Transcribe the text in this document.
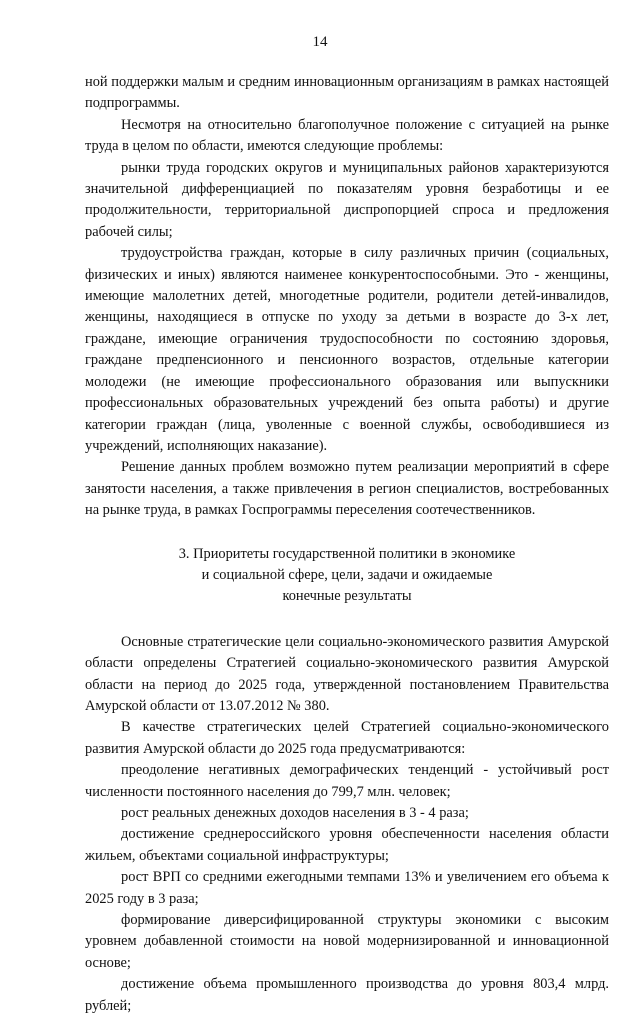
14

ной поддержки малым и средним инновационным организациям в рамках настоящей подпрограммы.

Несмотря на относительно благополучное положение с ситуацией на рынке труда в целом по области, имеются следующие проблемы:

рынки труда городских округов и муниципальных районов характеризуются значительной дифференциацией по показателям уровня безработицы и ее продолжительности, территориальной диспропорцией спроса и предложения рабочей силы;

трудоустройства граждан, которые в силу различных причин (социальных, физических и иных) являются наименее конкурентоспособными. Это - женщины, имеющие малолетних детей, многодетные родители, родители детей-инвалидов, женщины, находящиеся в отпуске по уходу за детьми в возрасте до 3-х лет, граждане, имеющие ограничения трудоспособности по состоянию здоровья, граждане предпенсионного и пенсионного возрастов, отдельные категории молодежи (не имеющие профессионального образования или выпускники профессиональных образовательных учреждений без опыта работы) и другие категории граждан (лица, уволенные с военной службы, освободившиеся из учреждений, исполняющих наказание).

Решение данных проблем возможно путем реализации мероприятий в сфере занятости населения, а также привлечения в регион специалистов, востребованных на рынке труда, в рамках Госпрограммы переселения соотечественников.

3. Приоритеты государственной политики в экономике
и социальной сфере, цели, задачи и ожидаемые
конечные результаты

Основные стратегические цели социально-экономического развития Амурской области определены Стратегией социально-экономического развития Амурской области на период до 2025 года, утвержденной постановлением Правительства Амурской области от 13.07.2012 № 380.

В качестве стратегических целей Стратегией социально-экономического развития Амурской области до 2025 года предусматриваются:

преодоление негативных демографических тенденций - устойчивый рост численности постоянного населения до 799,7 млн. человек;

рост реальных денежных доходов населения в 3 - 4 раза;

достижение среднероссийского уровня обеспеченности населения области жильем, объектами социальной инфраструктуры;

рост ВРП со средними ежегодными темпами 13% и увеличением его объема к 2025 году в 3 раза;

формирование диверсифицированной структуры экономики с высоким уровнем добавленной стоимости на новой модернизированной и инновационной основе;

достижение объема промышленного производства до уровня 803,4 млрд. рублей;
